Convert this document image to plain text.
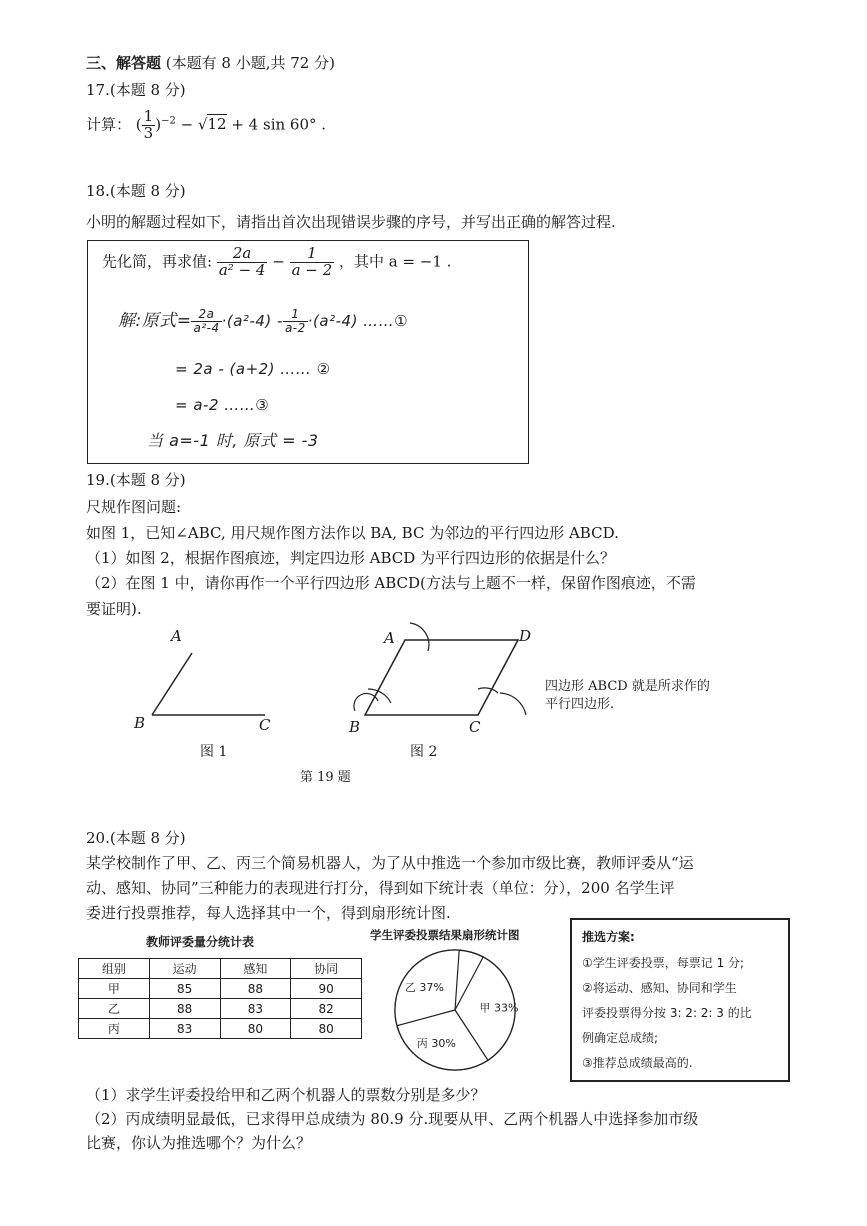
三、解答题 (本题有 8 小题,共 72 分)
17.(本题 8 分)
计算： ( $\frac{1}{3} )^{-2} - √12 + 4$ sin 60° .
18.(本题 8 分)
小明的解题过程如下，请指出首次出现错误步骤的序号，并写出正确的解答过程.
先化简，再求值: $\frac{2a}{\text{a² − 4}} - \frac{1}{a - 2}$ ，其中 a = −1 .
解:原式= $\frac{2a}{\text{a²-4}} \cdot(a^2-4) - \frac{1}{a-2} \cdot(a^2-4)$ ……①
= 2a - (a+2) …… ②
= a-2 ……③
当 a=-1 时, 原式 = -3
19.(本题 8 分)
尺规作图问题:
如图 1，已知∠ABC, 用尺规作图方法作以 BA, BC 为邻边的平行四边形 ABCD.
（1）如图 2，根据作图痕迹，判定四边形 ABCD 为平行四边形的依据是什么？
（2）在图 1 中，请你再作一个平行四边形 ABCD(方法与上题不一样，保留作图痕迹，不需
要证明).
A
B	C
图 1
A	D
B	C
图 2
四边形 ABCD 就是所求作的
平行四边形.
第 19 题
20.(本题 8 分)
某学校制作了甲、乙、丙三个简易机器人，为了从中推选一个参加市级比赛，教师评委从“运
动、感知、协同”三种能力的表现进行打分，得到如下统计表（单位：分），200 名学生评
委进行投票推荐，每人选择其中一个，得到扇形统计图.
教师评委量分统计表
组别	运动	感知	协同
甲	85	88	90
乙	88	83	82
丙	83	80	80
学生评委投票结果扇形统计图
甲 33%
乙 37%
丙 30%
推选方案:
①学生评委投票，每票记 1 分;
②将运动、感知、协同和学生
评委投票得分按 3: 2: 2: 3 的比
例确定总成绩;
③推荐总成绩最高的.
（1）求学生评委投给甲和乙两个机器人的票数分别是多少？
（2）丙成绩明显最低，已求得甲总成绩为 80.9 分.现要从甲、乙两个机器人中选择参加市级
比赛，你认为推选哪个？为什么？
